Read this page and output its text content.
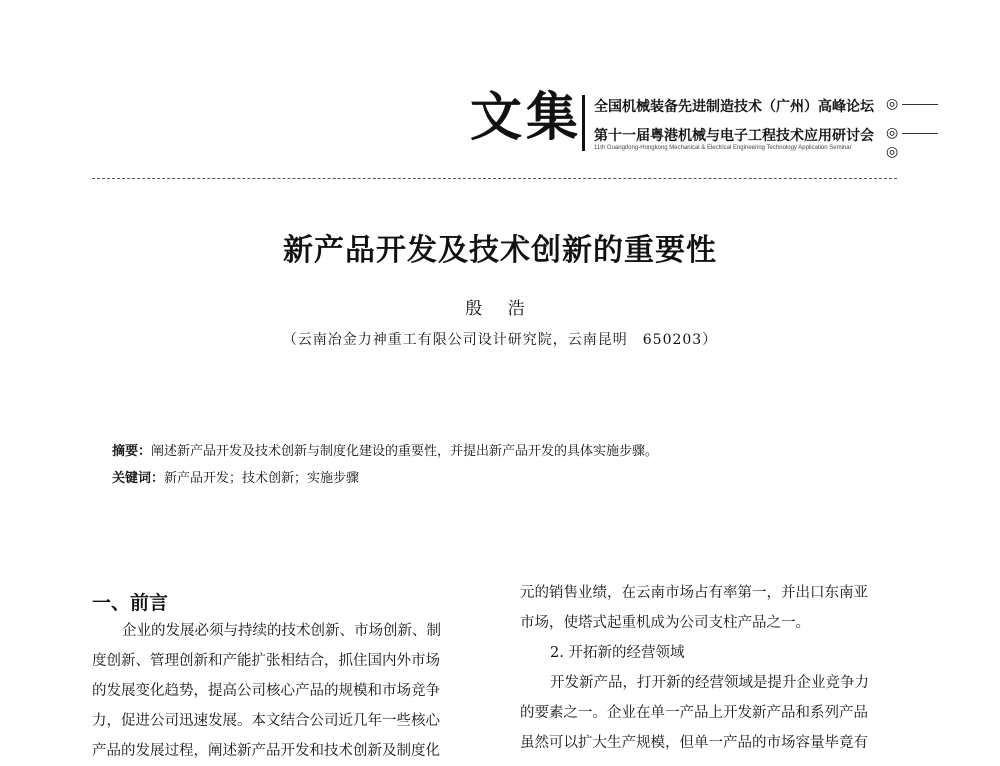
文集 全国机械装备先进制造技术（广州）高峰论坛
第十一届粤港机械与电子工程技术应用研讨会
11th Guangdong-Hongkong Mechanical & Electrical Engineering Technology Application Seminar
◎
◎
◎
新产品开发及技术创新的重要性
殷 浩
（云南冶金力神重工有限公司设计研究院，云南昆明　650203）
摘要：阐述新产品开发及技术创新与制度化建设的重要性，并提出新产品开发的具体实施步骤。
关键词：新产品开发；技术创新；实施步骤
一、前言
企业的发展必须与持续的技术创新、市场创新、制
度创新、管理创新和产能扩张相结合，抓住国内外市场
的发展变化趋势，提高公司核心产品的规模和市场竞争
力，促进公司迅速发展。本文结合公司近几年一些核心
产品的发展过程，阐述新产品开发和技术创新及制度化
元的销售业绩，在云南市场占有率第一，并出口东南亚
市场，使塔式起重机成为公司支柱产品之一。
2. 开拓新的经营领域
开发新产品，打开新的经营领域是提升企业竞争力
的要素之一。企业在单一产品上开发新产品和系列产品
虽然可以扩大生产规模，但单一产品的市场容量毕竟有
